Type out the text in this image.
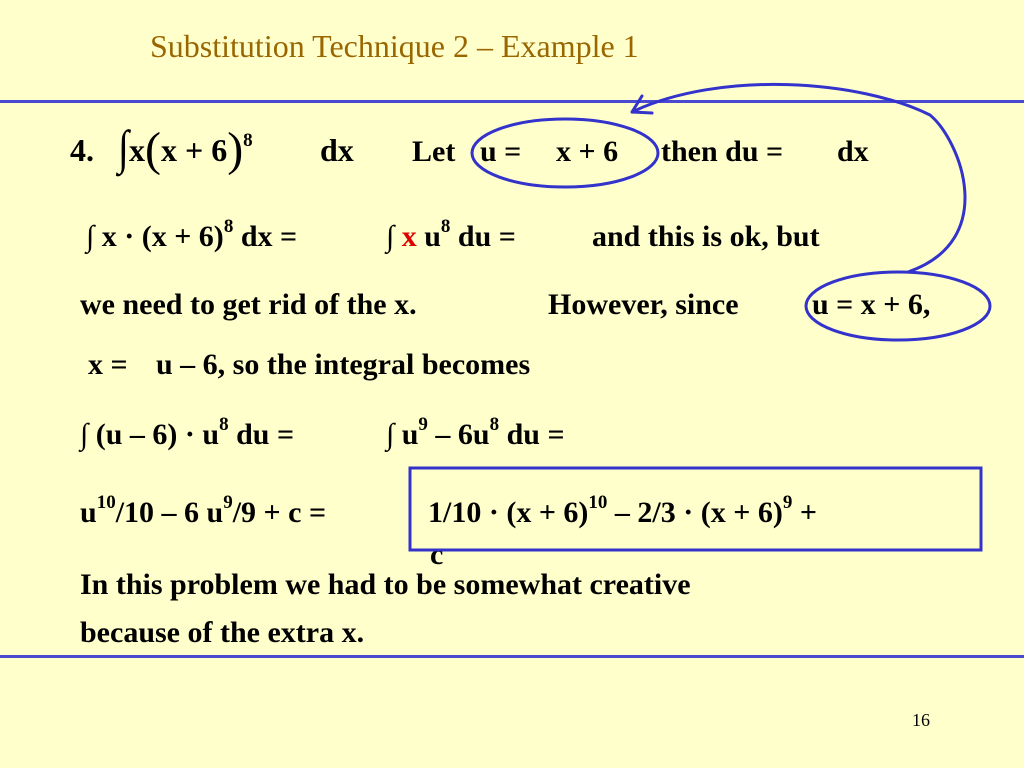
Substitution Technique 2 – Example 1
4. $\int x(x + 6)^8$ dx Let u = x + 6 then du = dx
∫ $x \cdot (x + 6)^8$ dx =	∫ x $u^8$ du =	and this is ok, but
we need to get rid of the x.	However, since u = x + 6,
x = u – 6, so the integral becomes
∫ $(u - 6) \cdot u^8$ du =	∫ $u^9 - 6u^8$ du =
$u^{10}/10 - 6$ $u^9/9 + c$ =	$1/10 \cdot (x + 6)^{10} - 2/3 \cdot (x + 6)^9$ +
c
In this problem we had to be somewhat creative
because of the extra x.
16
